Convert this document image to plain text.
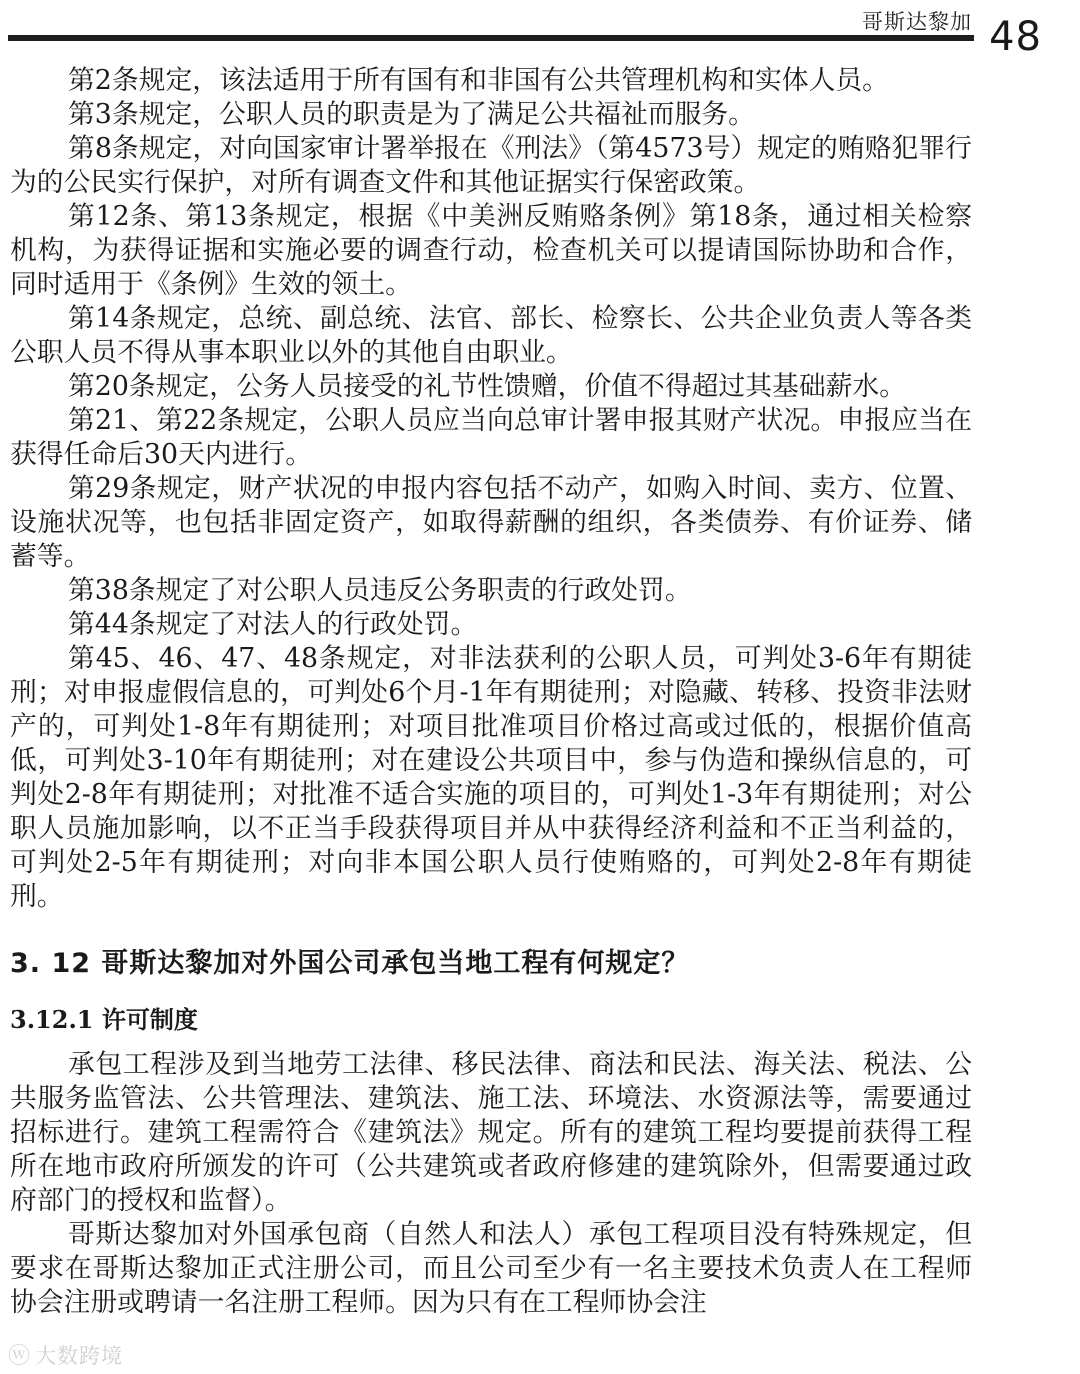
哥斯达黎加 48

第2条规定，该法适用于所有国有和非国有公共管理机构和实体人员。

第3条规定，公职人员的职责是为了满足公共福祉而服务。

第8条规定，对向国家审计署举报在《刑法》（第4573号）规定的贿赂犯罪行为的公民实行保护，对所有调查文件和其他证据实行保密政策。

第12条、第13条规定，根据《中美洲反贿赂条例》第18条，通过相关检察机构，为获得证据和实施必要的调查行动，检查机关可以提请国际协助和合作，同时适用于《条例》生效的领土。

第14条规定，总统、副总统、法官、部长、检察长、公共企业负责人等各类公职人员不得从事本职业以外的其他自由职业。

第20条规定，公务人员接受的礼节性馈赠，价值不得超过其基础薪水。

第21、第22条规定，公职人员应当向总审计署申报其财产状况。申报应当在获得任命后30天内进行。

第29条规定，财产状况的申报内容包括不动产，如购入时间、卖方、位置、设施状况等，也包括非固定资产，如取得薪酬的组织，各类债券、有价证券、储蓄等。

第38条规定了对公职人员违反公务职责的行政处罚。

第44条规定了对法人的行政处罚。

第45、46、47、48条规定，对非法获利的公职人员，可判处3-6年有期徒刑；对申报虚假信息的，可判处6个月-1年有期徒刑；对隐藏、转移、投资非法财产的，可判处1-8年有期徒刑；对项目批准项目价格过高或过低的，根据价值高低，可判处3-10年有期徒刑；对在建设公共项目中，参与伪造和操纵信息的，可判处2-8年有期徒刑；对批准不适合实施的项目的，可判处1-3年有期徒刑；对公职人员施加影响，以不正当手段获得项目并从中获得经济利益和不正当利益的，可判处2-5年有期徒刑；对向非本国公职人员行使贿赂的，可判处2-8年有期徒刑。

3. 12 哥斯达黎加对外国公司承包当地工程有何规定？
3.12.1 许可制度

承包工程涉及到当地劳工法律、移民法律、商法和民法、海关法、税法、公共服务监管法、公共管理法、建筑法、施工法、环境法、水资源法等，需要通过招标进行。建筑工程需符合《建筑法》规定。所有的建筑工程均要提前获得工程所在地市政府所颁发的许可（公共建筑或者政府修建的建筑除外，但需要通过政府部门的授权和监督）。

哥斯达黎加对外国承包商（自然人和法人）承包工程项目没有特殊规定，但要求在哥斯达黎加正式注册公司，而且公司至少有一名主要技术负责人在工程师协会注册或聘请一名注册工程师。因为只有在工程师协会注

ⓦ 大数跨境
